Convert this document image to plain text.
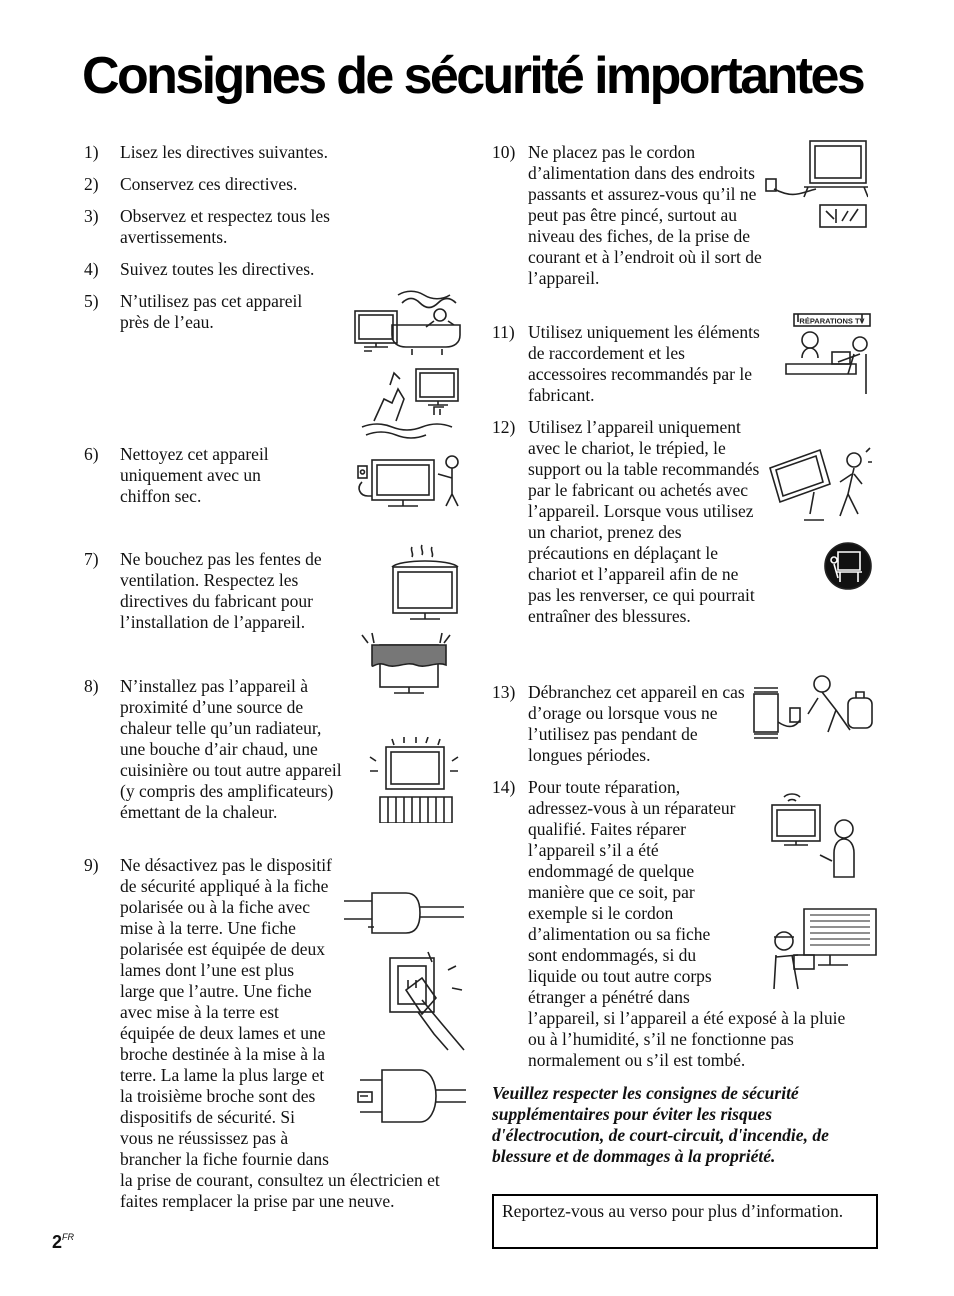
Consignes de sécurité importantes
1) Lisez les directives suivantes.
2) Conservez ces directives.
3) Observez et respectez tous les avertissements.
4) Suivez toutes les directives.
5) N’utilisez pas cet appareil près de l’eau.
6) Nettoyez cet appareil uniquement avec un chiffon sec.
7) Ne bouchez pas les fentes de ventilation. Respectez les directives du fabricant pour l’installation de l’appareil.
8) N’installez pas l’appareil à proximité d’une source de chaleur telle qu’un radiateur, une bouche d’air chaud, une cuisinière ou tout autre appareil (y compris des amplificateurs) émettant de la chaleur.
9) Ne désactivez pas le dispositif de sécurité appliqué à la fiche polarisée ou à la fiche avec mise à la terre. Une fiche polarisée est équipée de deux lames dont l’une est plus large que l’autre. Une fiche avec mise à la terre est équipée de deux lames et une broche destinée à la mise à la terre. La lame la plus large et la troisième broche sont des dispositifs de sécurité. Si vous ne réussissez pas à brancher la fiche fournie dans la prise de courant, consultez un électricien et faites remplacer la prise par une neuve.
10) Ne placez pas le cordon d’alimentation dans des endroits passants et assurez-vous qu’il ne peut pas être pincé, surtout au niveau des fiches, de la prise de courant et à l’endroit où il sort de l’appareil.
11) Utilisez uniquement les éléments de raccordement et les accessoires recommandés par le fabricant.
12) Utilisez l’appareil uniquement avec le chariot, le trépied, le support ou la table recommandés par le fabricant ou achetés avec l’appareil. Lorsque vous utilisez un chariot, prenez des précautions en déplaçant le chariot et l’appareil afin de ne pas les renverser, ce qui pourrait entraîner des blessures.
13) Débranchez cet appareil en cas d’orage ou lorsque vous ne l’utilisez pas pendant de longues périodes.
14) Pour toute réparation, adressez-vous à un réparateur qualifié. Faites réparer l’appareil s’il a été endommagé de quelque manière que ce soit, par exemple si le cordon d’alimentation ou sa fiche sont endommagés, si du liquide ou tout autre corps étranger a pénétré dans l’appareil, si l’appareil a été exposé à la pluie ou à l’humidité, s’il ne fonctionne pas normalement ou s’il est tombé.

Veuillez respecter les consignes de sécurité supplémentaires pour éviter les risques d'électrocution, de court-circuit, d'incendie, de blessure et de dommages à la propriété.

Reportez-vous au verso pour plus d’information.
$2^{FR}$
RÉPARATIONS TV
